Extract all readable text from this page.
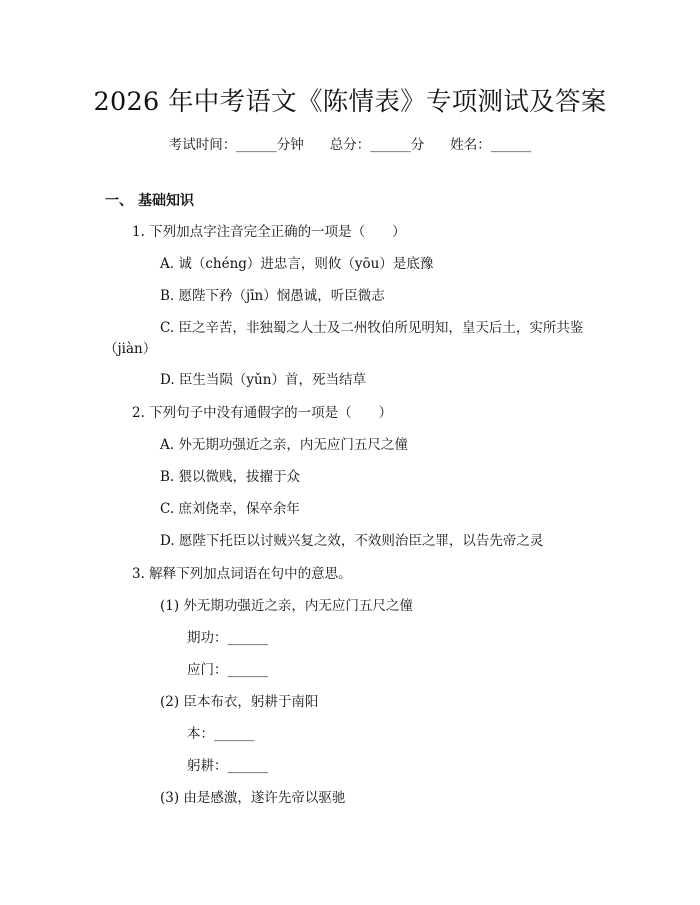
2026 年中考语文《陈情表》专项测试及答案
考试时间：______分钟 总分：______分 姓名：______
一、 基础知识
1. 下列加点字注音完全正确的一项是（　　）
A. 诚（chéng）进忠言，则攸（yōu）是底豫
B. 愿陛下矜（jīn）悯愚诚，听臣微志
C. 臣之辛苦，非独蜀之人士及二州牧伯所见明知，皇天后土，实所共鉴
（jiàn）
D. 臣生当陨（yǔn）首，死当结草
2. 下列句子中没有通假字的一项是（　　）
A. 外无期功强近之亲，内无应门五尺之僮
B. 猥以微贱，拔擢于众
C. 庶刘侥幸，保卒余年
D. 愿陛下托臣以讨贼兴复之效，不效则治臣之罪，以告先帝之灵
3. 解释下列加点词语在句中的意思。
(1) 外无期功强近之亲，内无应门五尺之僮
期功：______
应门：______
(2) 臣本布衣，躬耕于南阳
本：______
躬耕：______
(3) 由是感激，遂许先帝以驱驰
